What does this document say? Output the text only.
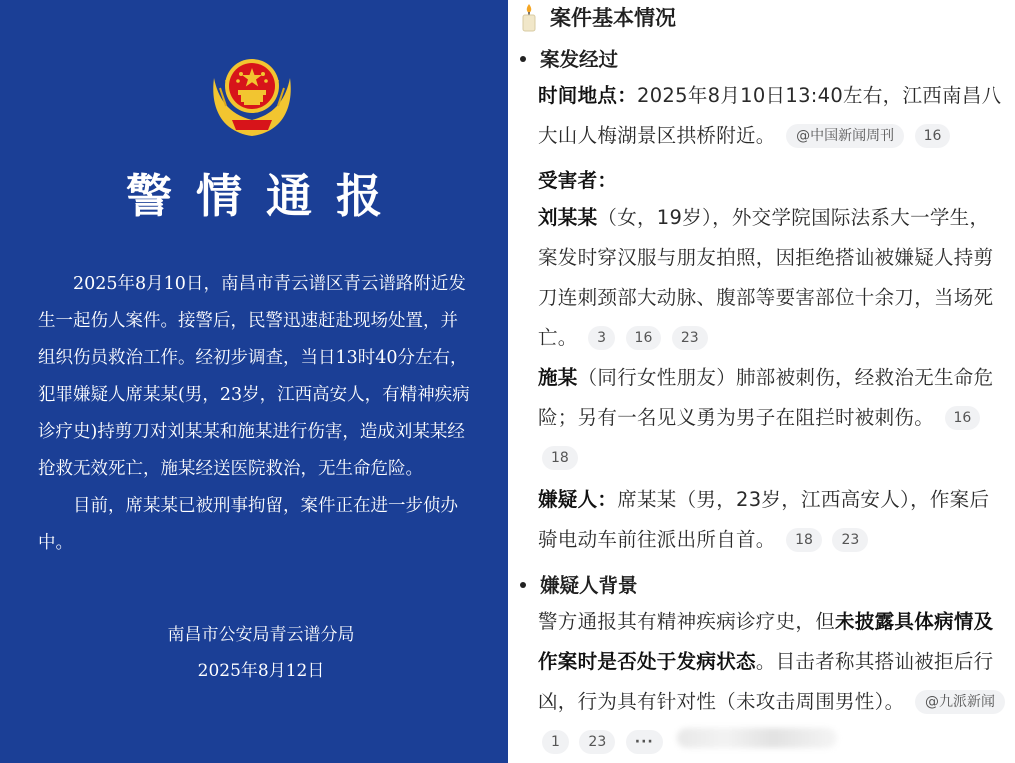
警情通报

2025年8月10日，南昌市青云谱区青云谱路附近发生一起伤人案件。接警后，民警迅速赶赴现场处置，并组织伤员救治工作。经初步调查，当日13时40分左右，犯罪嫌疑人席某某(男，23岁，江西高安人，有精神疾病诊疗史)持剪刀对刘某某和施某进行伤害，造成刘某某经抢救无效死亡，施某经送医院救治，无生命危险。

目前，席某某已被刑事拘留，案件正在进一步侦办中。

南昌市公安局青云谱分局
2025年8月12日
案件基本情况
案发经过
时间地点：2025年8月10日13:40左右，江西南昌八大山人梅湖景区拱桥附近。 @中国新闻周刊 16
受害者：
刘某某（女，19岁），外交学院国际法系大一学生，案发时穿汉服与朋友拍照，因拒绝搭讪被嫌疑人持剪刀连刺颈部大动脉、腹部等要害部位十余刀，当场死亡。 3 16 23
施某（同行女性朋友）肺部被刺伤，经救治无生命危险；另有一名见义勇为男子在阻拦时被刺伤。 16 18
嫌疑人：席某某（男，23岁，江西高安人），作案后骑电动车前往派出所自首。 18 23
嫌疑人背景
警方通报其有精神疾病诊疗史，但未披露具体病情及作案时是否处于发病状态。目击者称其搭讪被拒后行凶，行为具有针对性（未攻击周围男性）。 @九派新闻 1 23 ···
